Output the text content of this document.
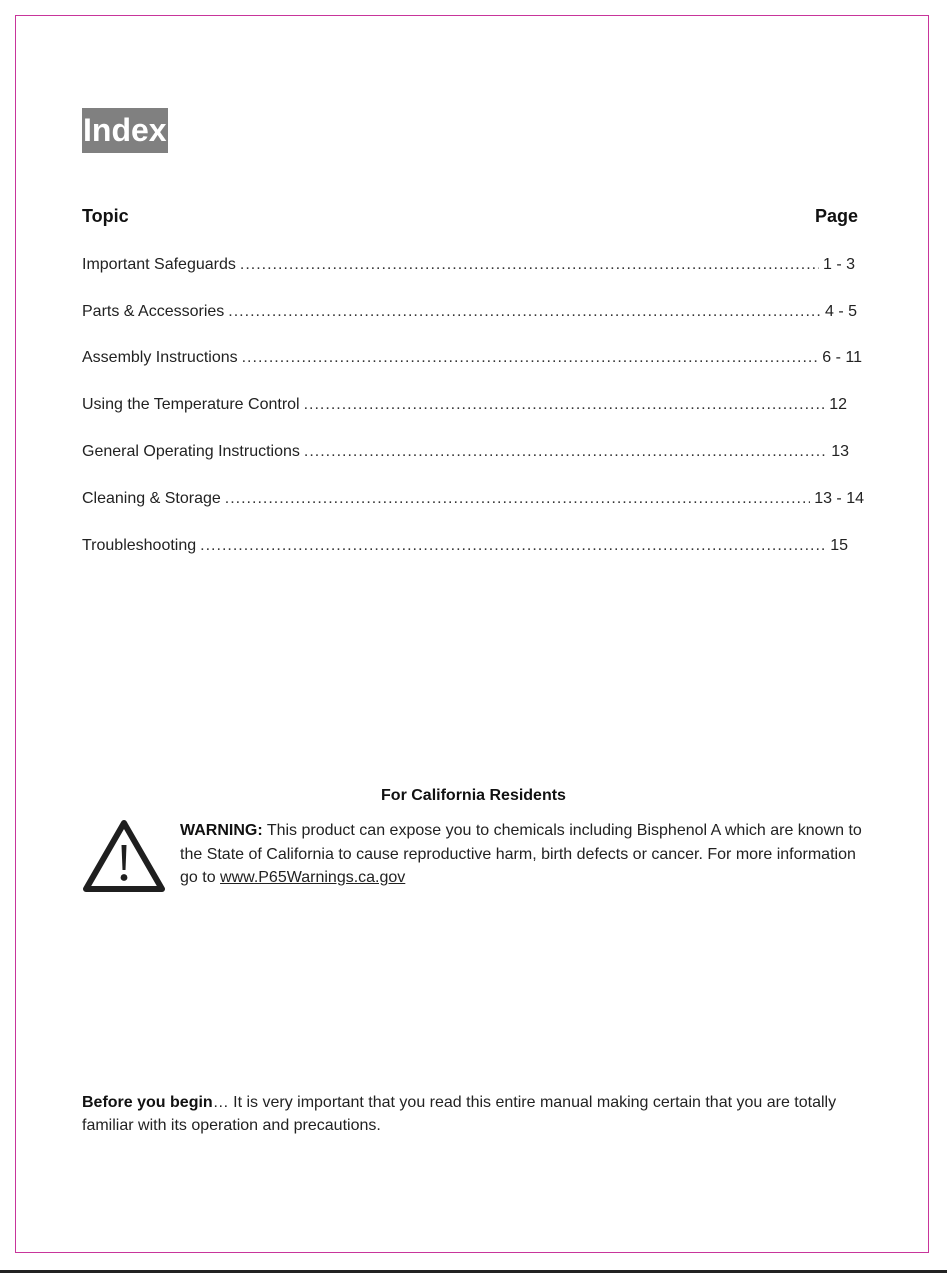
Index
Topic	Page
Important Safeguards .....	1 - 3
Parts & Accessories .....	4 - 5
Assembly Instructions .....	6 - 11
Using the Temperature Control .....	12
General Operating Instructions .....	13
Cleaning & Storage .....	13 - 14
Troubleshooting .....	15
For California Residents
WARNING: This product can expose you to chemicals including Bisphenol A which are known to the State of California to cause reproductive harm, birth defects or cancer. For more information go to www.P65Warnings.ca.gov
Before you begin… It is very important that you read this entire manual making certain that you are totally familiar with its operation and precautions.
